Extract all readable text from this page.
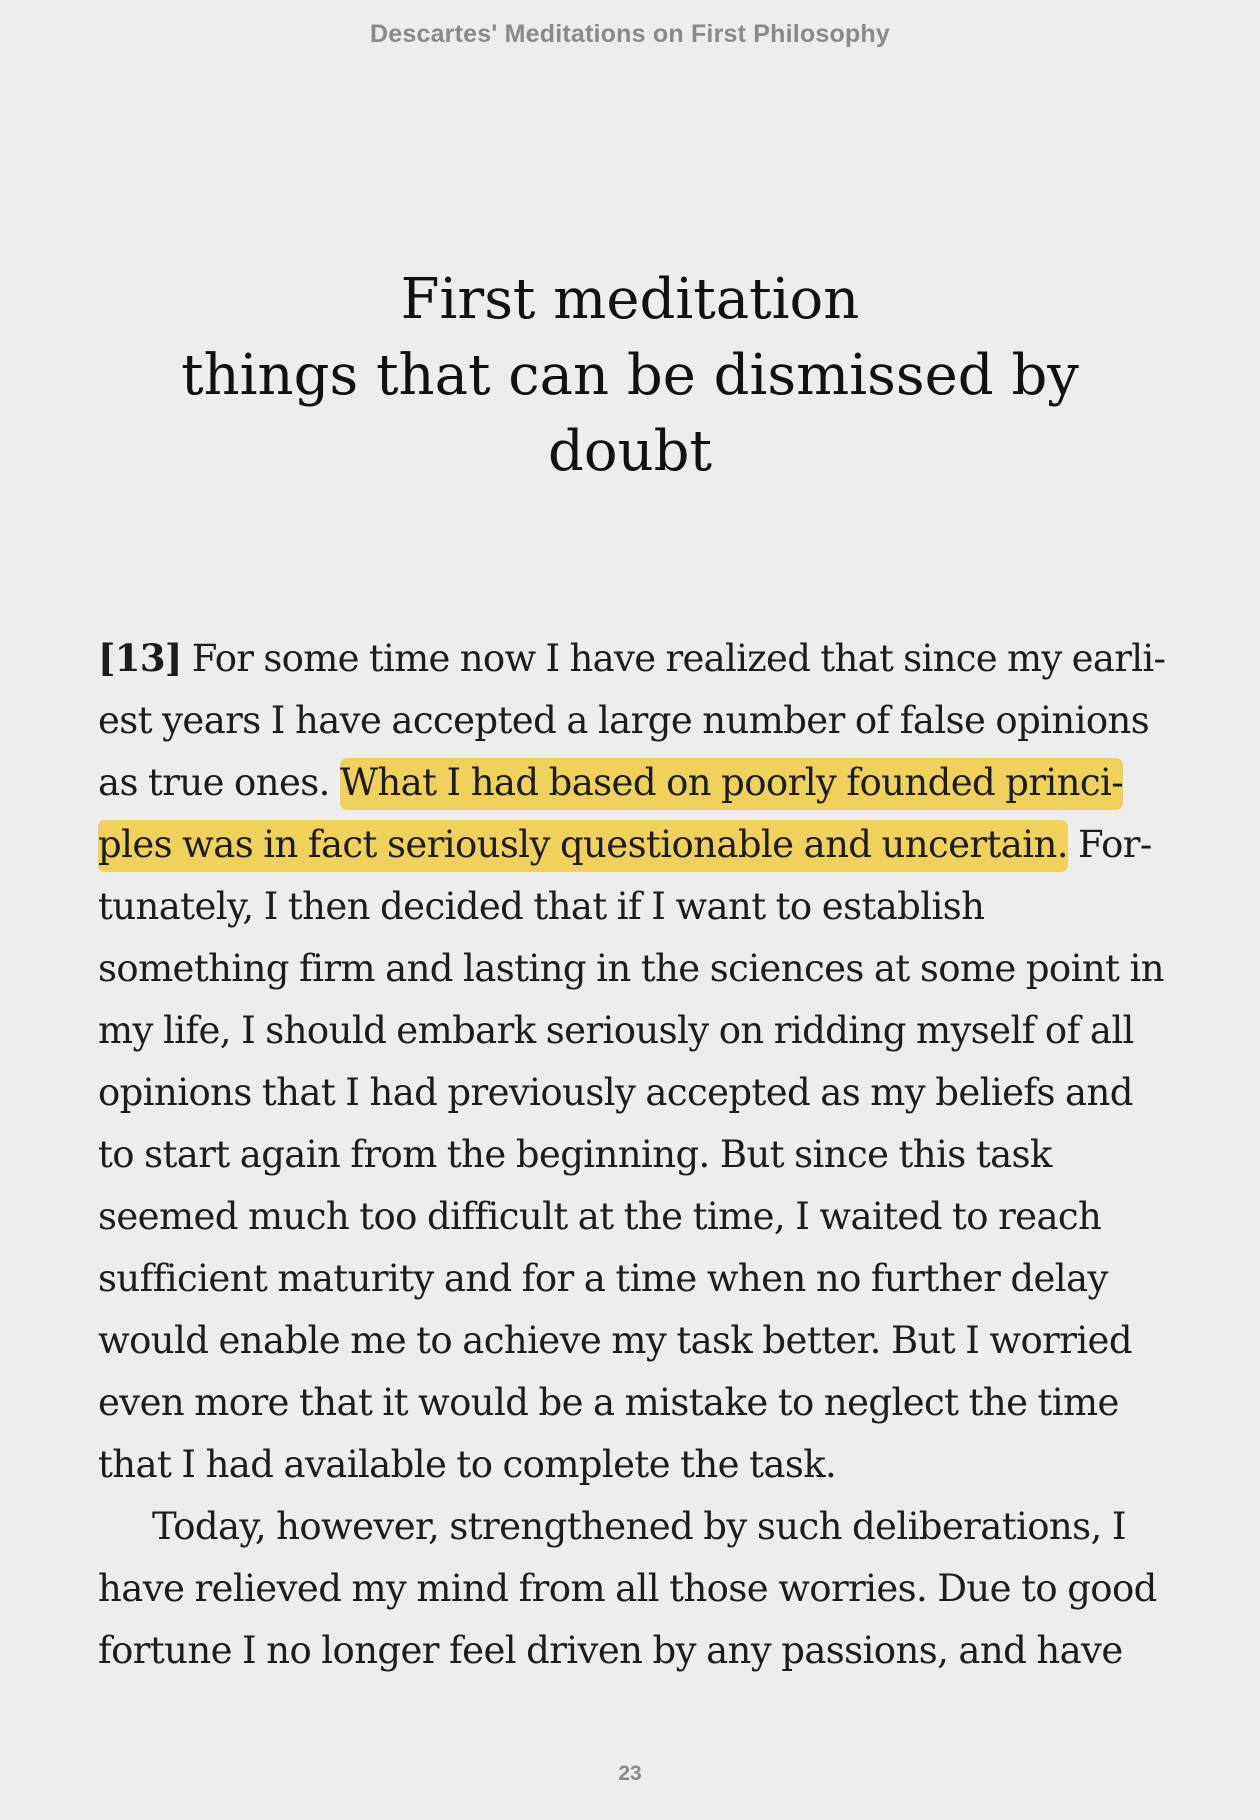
Descartes' Meditations on First Philosophy
First meditation
things that can be dismissed by
doubt
[13] For some time now I have realized that since my earli-
est years I have accepted a large number of false opinions
as true ones. What I had based on poorly founded princi-
ples was in fact seriously questionable and uncertain. For-
tunately, I then decided that if I want to establish
something firm and lasting in the sciences at some point in
my life, I should embark seriously on ridding myself of all
opinions that I had previously accepted as my beliefs and
to start again from the beginning. But since this task
seemed much too difficult at the time, I waited to reach
sufficient maturity and for a time when no further delay
would enable me to achieve my task better. But I worried
even more that it would be a mistake to neglect the time
that I had available to complete the task.
Today, however, strengthened by such deliberations, I
have relieved my mind from all those worries. Due to good
fortune I no longer feel driven by any passions, and have
23
